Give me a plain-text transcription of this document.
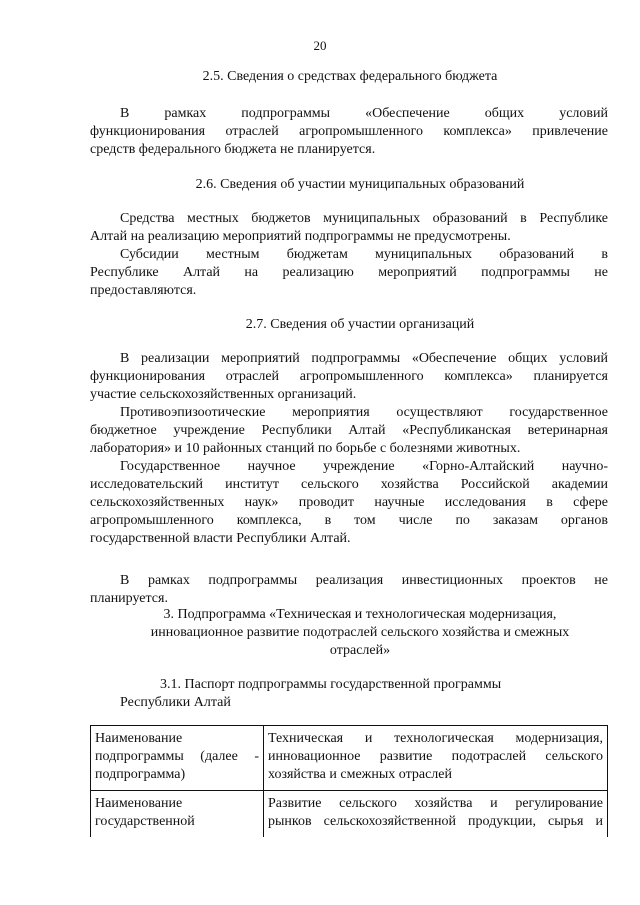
20
2.5. Сведения о средствах федерального бюджета
В рамках подпрограммы «Обеспечение общих условий
функционирования отраслей агропромышленного комплекса» привлечение
средств федерального бюджета не планируется.
2.6. Сведения об участии муниципальных образований
Средства местных бюджетов муниципальных образований в Республике
Алтай на реализацию мероприятий подпрограммы не предусмотрены.
Субсидии местным бюджетам муниципальных образований в
Республике Алтай на реализацию мероприятий подпрограммы не
предоставляются.
2.7. Сведения об участии организаций
В реализации мероприятий подпрограммы «Обеспечение общих условий
функционирования отраслей агропромышленного комплекса» планируется
участие сельскохозяйственных организаций.
Противоэпизоотические мероприятия осуществляют государственное
бюджетное учреждение Республики Алтай «Республиканская ветеринарная
лаборатория» и 10 районных станций по борьбе с болезнями животных.
Государственное научное учреждение «Горно-Алтайский научно-
исследовательский институт сельского хозяйства Российской академии
сельскохозяйственных наук» проводит научные исследования в сфере
агропромышленного комплекса, в том числе по заказам органов
государственной власти Республики Алтай.
В рамках подпрограммы реализация инвестиционных проектов не
планируется.
3. Подпрограмма «Техническая и технологическая модернизация,
инновационное развитие подотраслей сельского хозяйства и смежных
отраслей»
3.1. Паспорт подпрограммы государственной программы
Республики Алтай
Наименование
подпрограммы (далее -
подпрограмма)	Техническая и технологическая модернизация,
инновационное развитие подотраслей сельского
хозяйства и смежных отраслей

Наименование
государственной	Развитие сельского хозяйства и регулирование
рынков сельскохозяйственной продукции, сырья и
